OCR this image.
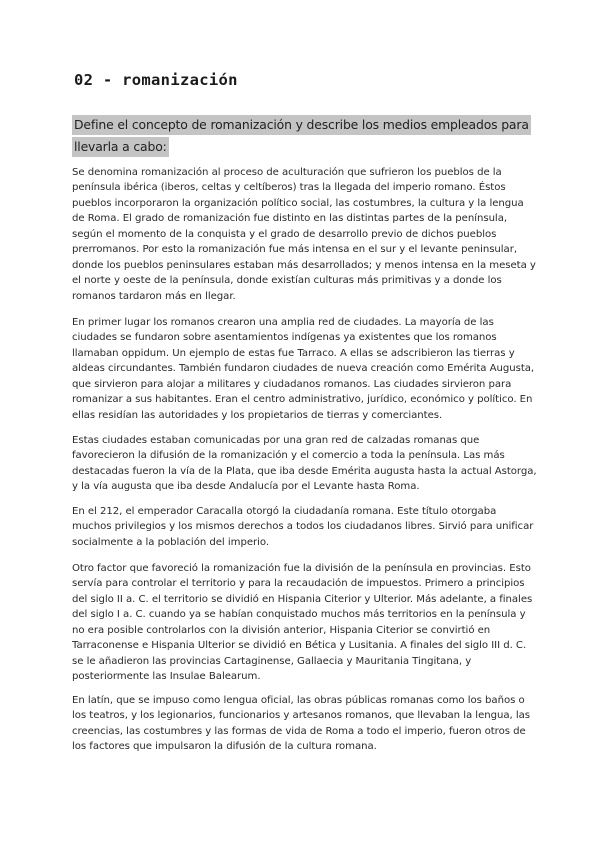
02 - romanización

Define el concepto de romanización y describe los medios empleados para llevarla a cabo:

Se denomina romanización al proceso de aculturación que sufrieron los pueblos de la
península ibérica (iberos, celtas y celtíberos) tras la llegada del imperio romano. Éstos
pueblos incorporaron la organización político social, las costumbres, la cultura y la lengua
de Roma. El grado de romanización fue distinto en las distintas partes de la península,
según el momento de la conquista y el grado de desarrollo previo de dichos pueblos
prerromanos. Por esto la romanización fue más intensa en el sur y el levante peninsular,
donde los pueblos peninsulares estaban más desarrollados; y menos intensa en la meseta y
el norte y oeste de la península, donde existían culturas más primitivas y a donde los
romanos tardaron más en llegar.

En primer lugar los romanos crearon una amplia red de ciudades. La mayoría de las
ciudades se fundaron sobre asentamientos indígenas ya existentes que los romanos
llamaban oppidum. Un ejemplo de estas fue Tarraco. A ellas se adscribieron las tierras y
aldeas circundantes. También fundaron ciudades de nueva creación como Emérita Augusta,
que sirvieron para alojar a militares y ciudadanos romanos. Las ciudades sirvieron para
romanizar a sus habitantes. Eran el centro administrativo, jurídico, económico y político. En
ellas residían las autoridades y los propietarios de tierras y comerciantes.

Estas ciudades estaban comunicadas por una gran red de calzadas romanas que
favorecieron la difusión de la romanización y el comercio a toda la península. Las más
destacadas fueron la vía de la Plata, que iba desde Emérita augusta hasta la actual Astorga,
y la vía augusta que iba desde Andalucía por el Levante hasta Roma.

En el 212, el emperador Caracalla otorgó la ciudadanía romana. Este título otorgaba
muchos privilegios y los mismos derechos a todos los ciudadanos libres. Sirvió para unificar
socialmente a la población del imperio.

Otro factor que favoreció la romanización fue la división de la península en provincias. Esto
servía para controlar el territorio y para la recaudación de impuestos. Primero a principios
del siglo II a. C. el territorio se dividió en Hispania Citerior y Ulterior. Más adelante, a finales
del siglo I a. C. cuando ya se habían conquistado muchos más territorios en la península y
no era posible controlarlos con la división anterior, Hispania Citerior se convirtió en
Tarraconense e Hispania Ulterior se dividió en Bética y Lusitania. A finales del siglo III d. C.
se le añadieron las provincias Cartaginense, Gallaecia y Mauritania Tingitana, y
posteriormente las Insulae Balearum.

En latín, que se impuso como lengua oficial, las obras públicas romanas como los baños o
los teatros, y los legionarios, funcionarios y artesanos romanos, que llevaban la lengua, las
creencias, las costumbres y las formas de vida de Roma a todo el imperio, fueron otros de
los factores que impulsaron la difusión de la cultura romana.
